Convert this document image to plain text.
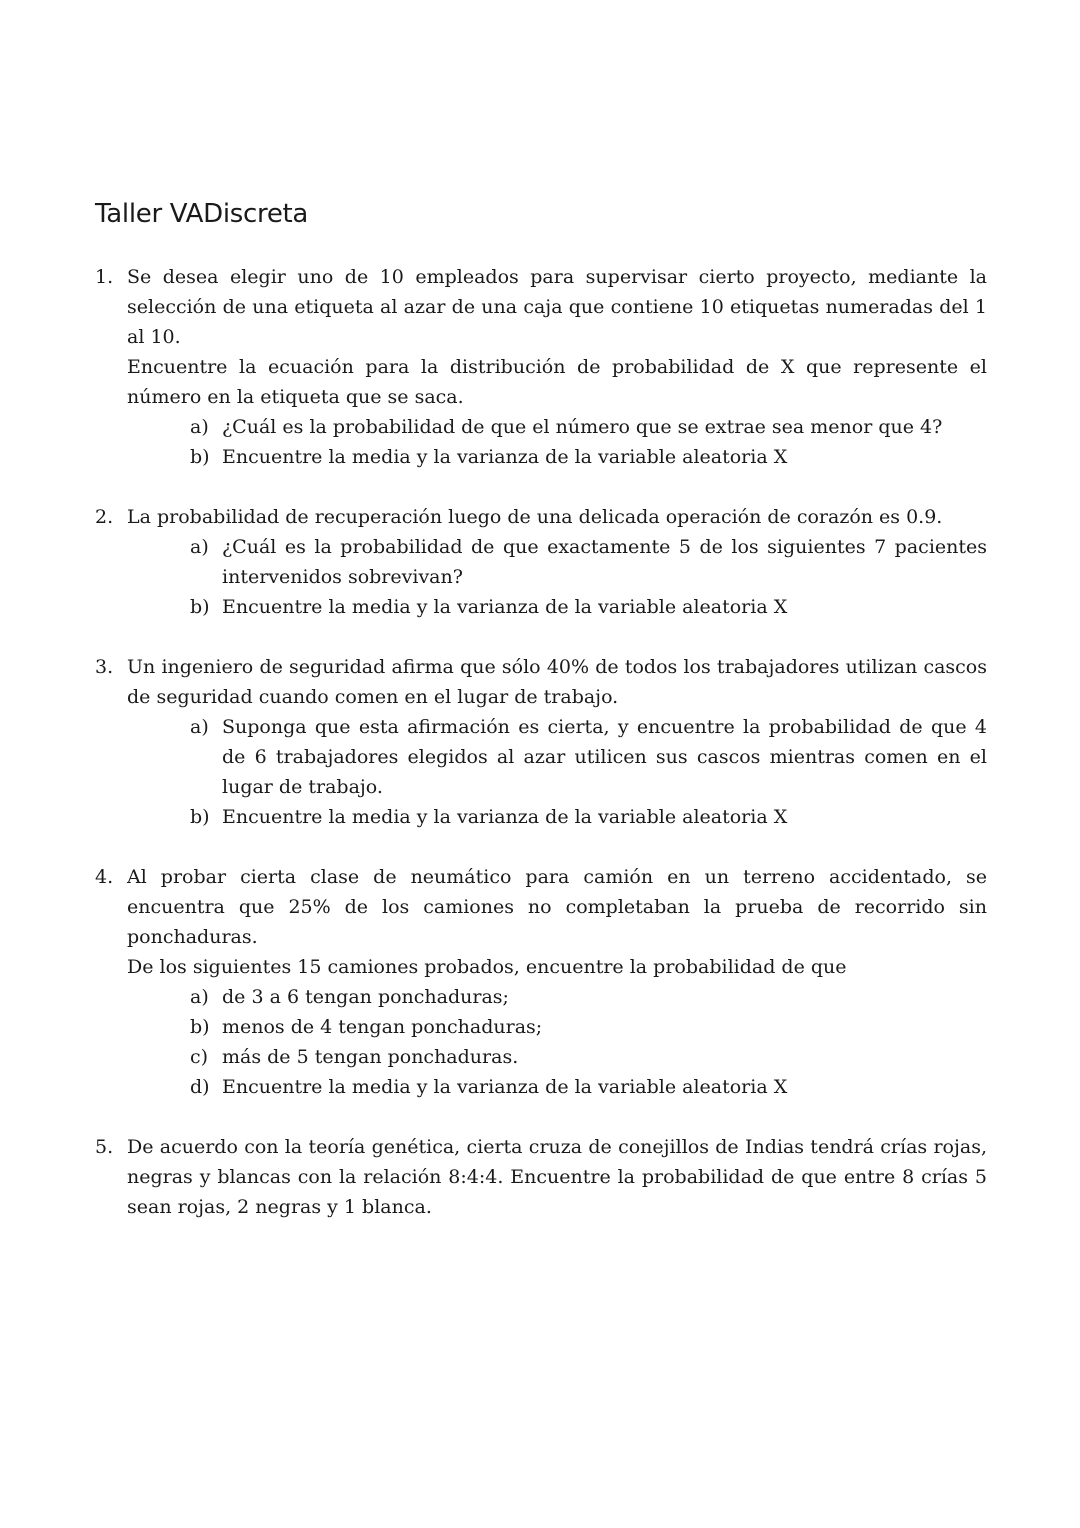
Taller VADiscreta
1. Se desea elegir uno de 10 empleados para supervisar cierto proyecto, mediante la selección de una etiqueta al azar de una caja que contiene 10 etiquetas numeradas del 1 al 10.
Encuentre la ecuación para la distribución de probabilidad de X que represente el número en la etiqueta que se saca.
a) ¿Cuál es la probabilidad de que el número que se extrae sea menor que 4?
b) Encuentre la media y la varianza de la variable aleatoria X
2. La probabilidad de recuperación luego de una delicada operación de corazón es 0.9.
a) ¿Cuál es la probabilidad de que exactamente 5 de los siguientes 7 pacientes intervenidos sobrevivan?
b) Encuentre la media y la varianza de la variable aleatoria X
3. Un ingeniero de seguridad afirma que sólo 40% de todos los trabajadores utilizan cascos de seguridad cuando comen en el lugar de trabajo.
a) Suponga que esta afirmación es cierta, y encuentre la probabilidad de que 4 de 6 trabajadores elegidos al azar utilicen sus cascos mientras comen en el lugar de trabajo.
b) Encuentre la media y la varianza de la variable aleatoria X
4. Al probar cierta clase de neumático para camión en un terreno accidentado, se encuentra que 25% de los camiones no completaban la prueba de recorrido sin ponchaduras.
De los siguientes 15 camiones probados, encuentre la probabilidad de que
a) de 3 a 6 tengan ponchaduras;
b) menos de 4 tengan ponchaduras;
c) más de 5 tengan ponchaduras.
d) Encuentre la media y la varianza de la variable aleatoria X
5. De acuerdo con la teoría genética, cierta cruza de conejillos de Indias tendrá crías rojas, negras y blancas con la relación 8:4:4. Encuentre la probabilidad de que entre 8 crías 5 sean rojas, 2 negras y 1 blanca.
